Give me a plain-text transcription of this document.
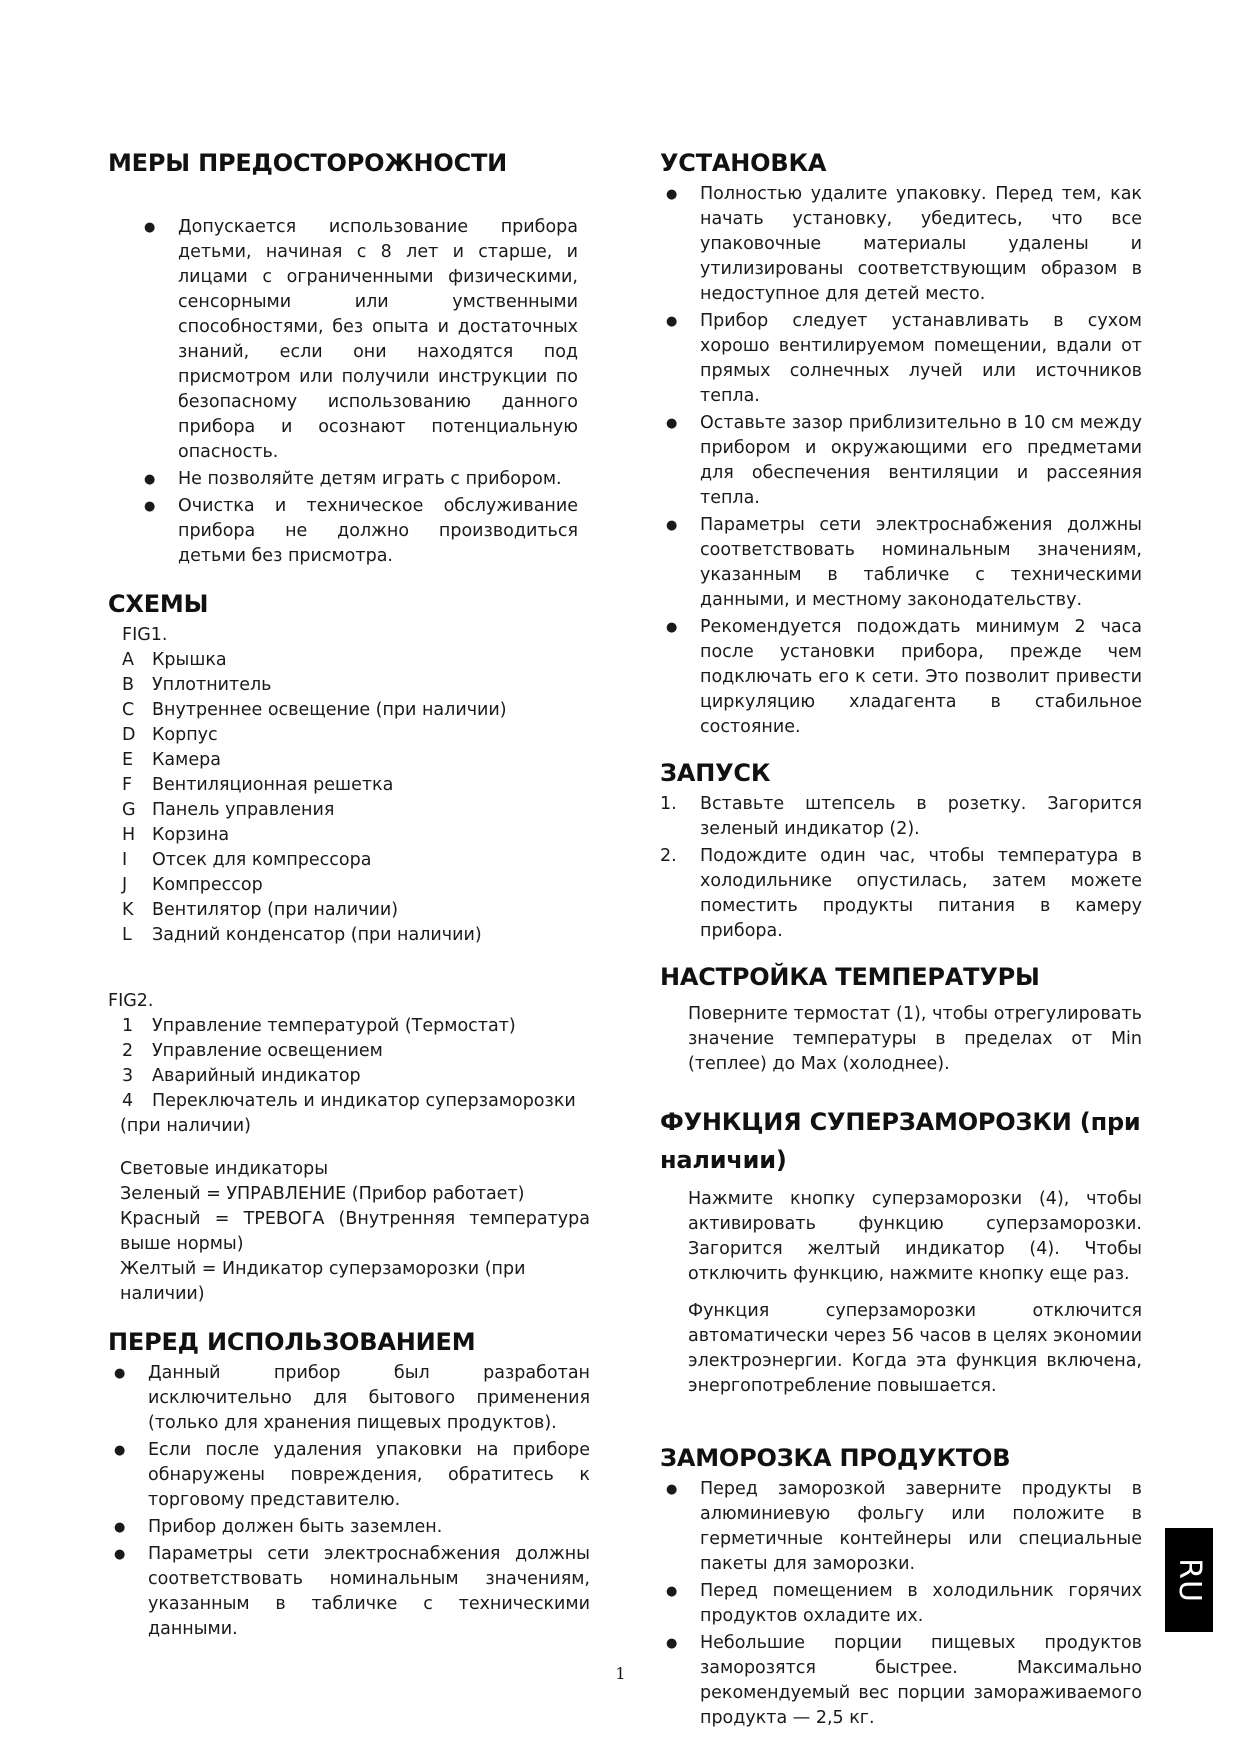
МЕРЫ ПРЕДОСТОРОЖНОСТИ
● Допускается использование прибора детьми, начиная с 8 лет и старше, и лицами с ограниченными физическими, сенсорными или умственными способностями, без опыта и достаточных знаний, если они находятся под присмотром или получили инструкции по безопасному использованию данного прибора и осознают потенциальную опасность.
● Не позволяйте детям играть с прибором.
● Очистка и техническое обслуживание прибора не должно производиться детьми без присмотра.
СХЕМЫ
FIG1.
A Крышка
B Уплотнитель
C Внутреннее освещение (при наличии)
D Корпус
E Камера
F Вентиляционная решетка
G Панель управления
H Корзина
I Отсек для компрессора
J Компрессор
K Вентилятор (при наличии)
L Задний конденсатор (при наличии)
FIG2.
1 Управление температурой (Термостат)
2 Управление освещением
3 Аварийный индикатор
4 Переключатель и индикатор суперзаморозки
(при наличии)
Световые индикаторы
Зеленый = УПРАВЛЕНИЕ (Прибор работает)
Красный = ТРЕВОГА (Внутренняя температура выше нормы)
Желтый = Индикатор суперзаморозки (при наличии)
ПЕРЕД ИСПОЛЬЗОВАНИЕМ
● Данный прибор был разработан исключительно для бытового применения (только для хранения пищевых продуктов).
● Если после удаления упаковки на приборе обнаружены повреждения, обратитесь к торговому представителю.
● Прибор должен быть заземлен.
● Параметры сети электроснабжения должны соответствовать номинальным значениям, указанным в табличке с техническими данными.
УСТАНОВКА
● Полностью удалите упаковку. Перед тем, как начать установку, убедитесь, что все упаковочные материалы удалены и утилизированы соответствующим образом в недоступное для детей место.
● Прибор следует устанавливать в сухом хорошо вентилируемом помещении, вдали от прямых солнечных лучей или источников тепла.
● Оставьте зазор приблизительно в 10 см между прибором и окружающими его предметами для обеспечения вентиляции и рассеяния тепла.
● Параметры сети электроснабжения должны соответствовать номинальным значениям, указанным в табличке с техническими данными, и местному законодательству.
● Рекомендуется подождать минимум 2 часа после установки прибора, прежде чем подключать его к сети. Это позволит привести циркуляцию хладагента в стабильное состояние.
ЗАПУСК
1. Вставьте штепсель в розетку. Загорится зеленый индикатор (2).
2. Подождите один час, чтобы температура в холодильнике опустилась, затем можете поместить продукты питания в камеру прибора.
НАСТРОЙКА ТЕМПЕРАТУРЫ
Поверните термостат (1), чтобы отрегулировать значение температуры в пределах от Min (теплее) до Max (холоднее).
ФУНКЦИЯ СУПЕРЗАМОРОЗКИ (при
наличии)
Нажмите кнопку суперзаморозки (4), чтобы активировать функцию суперзаморозки. Загорится желтый индикатор (4). Чтобы отключить функцию, нажмите кнопку еще раз.
Функция суперзаморозки отключится автоматически через 56 часов в целях экономии электроэнергии. Когда эта функция включена, энергопотребление повышается.
ЗАМОРОЗКА ПРОДУКТОВ
● Перед заморозкой заверните продукты в алюминиевую фольгу или положите в герметичные контейнеры или специальные пакеты для заморозки.
● Перед помещением в холодильник горячих продуктов охладите их.
● Небольшие порции пищевых продуктов заморозятся быстрее. Максимально рекомендуемый вес порции замораживаемого продукта — 2,5 кг.
RU
1
